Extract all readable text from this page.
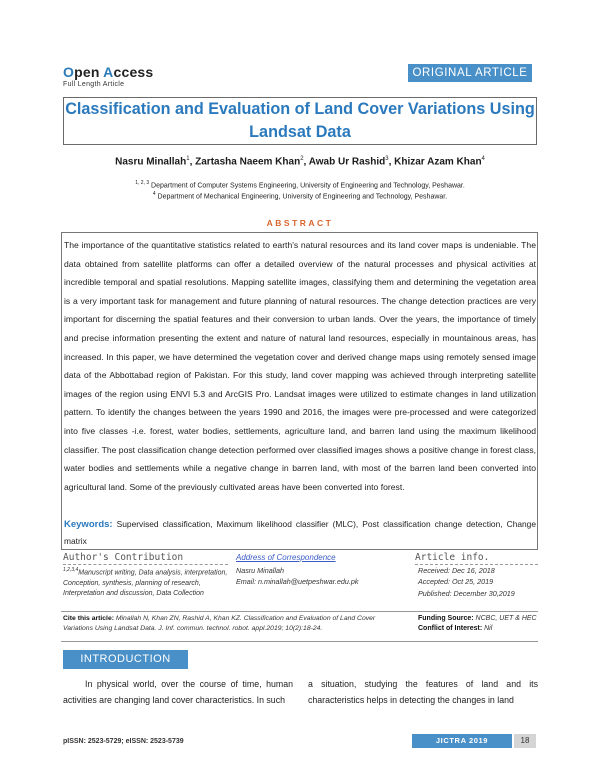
Open Access
Full Length Article
ORIGINAL ARTICLE
Classification and Evaluation of Land Cover Variations Using
Landsat Data
Nasru Minallah$^1$, Zartasha Naeem Khan$^2$, Awab Ur Rashid$^3$, Khizar Azam Khan$^4$
$^{1, 2, 3}$ Department of Computer Systems Engineering, University of Engineering and Technology, Peshawar.
$^4$ Department of Mechanical Engineering, University of Engineering and Technology, Peshawar.
ABSTRACT
The importance of the quantitative statistics related to earth's natural resources and its land cover maps is undeniable. The data obtained from satellite platforms can offer a detailed overview of the natural processes and physical activities at incredible temporal and spatial resolutions. Mapping satellite images, classifying them and determining the vegetation area is a very important task for management and future planning of natural resources. The change detection practices are very important for discerning the spatial features and their conversion to urban lands. Over the years, the importance of timely and precise information presenting the extent and nature of natural land resources, especially in mountainous areas, has increased. In this paper, we have determined the vegetation cover and derived change maps using remotely sensed image data of the Abbottabad region of Pakistan. For this study, land cover mapping was achieved through interpreting satellite images of the region using ENVI 5.3 and ArcGIS Pro. Landsat images were utilized to estimate changes in land utilization pattern. To identify the changes between the years 1990 and 2016, the images were pre-processed and were categorized into five classes -i.e. forest, water bodies, settlements, agriculture land, and barren land using the maximum likelihood classifier. The post classification change detection performed over classified images shows a positive change in forest class, water bodies and settlements while a negative change in barren land, with most of the barren land been converted into agricultural land. Some of the previously cultivated areas have been converted into forest.
Keywords: Supervised classification, Maximum likelihood classifier (MLC), Post classification change detection, Change matrix
Author's Contribution
$^{1,2,3,4}$Manuscript writing, Data analysis, interpretation, Conception, synthesis, planning of research, Interpretation and discussion, Data Collection
Address of Correspondence
Nasru Minallah
Email: n.minallah@uetpeshwar.edu.pk
Article info.
Received: Dec 16, 2018
Accepted: Oct 25, 2019
Published: December 30,2019
Cite this article: Minallah N, Khan ZN, Rashid A, Khan KZ. Classification and Evaluation of Land Cover Variations Using Landsat Data. J. Inf. commun. technol. robot. appl.2019; 10(2):18-24.
Funding Source: NCBC, UET & HEC
Conflict of Interest: Nil
INTRODUCTION
In physical world, over the course of time, human activities are changing land cover characteristics. In such
a situation, studying the features of land and its characteristics helps in detecting the changes in land
pISSN: 2523-5729; eISSN: 2523-5739	JICTRA 2019	18
